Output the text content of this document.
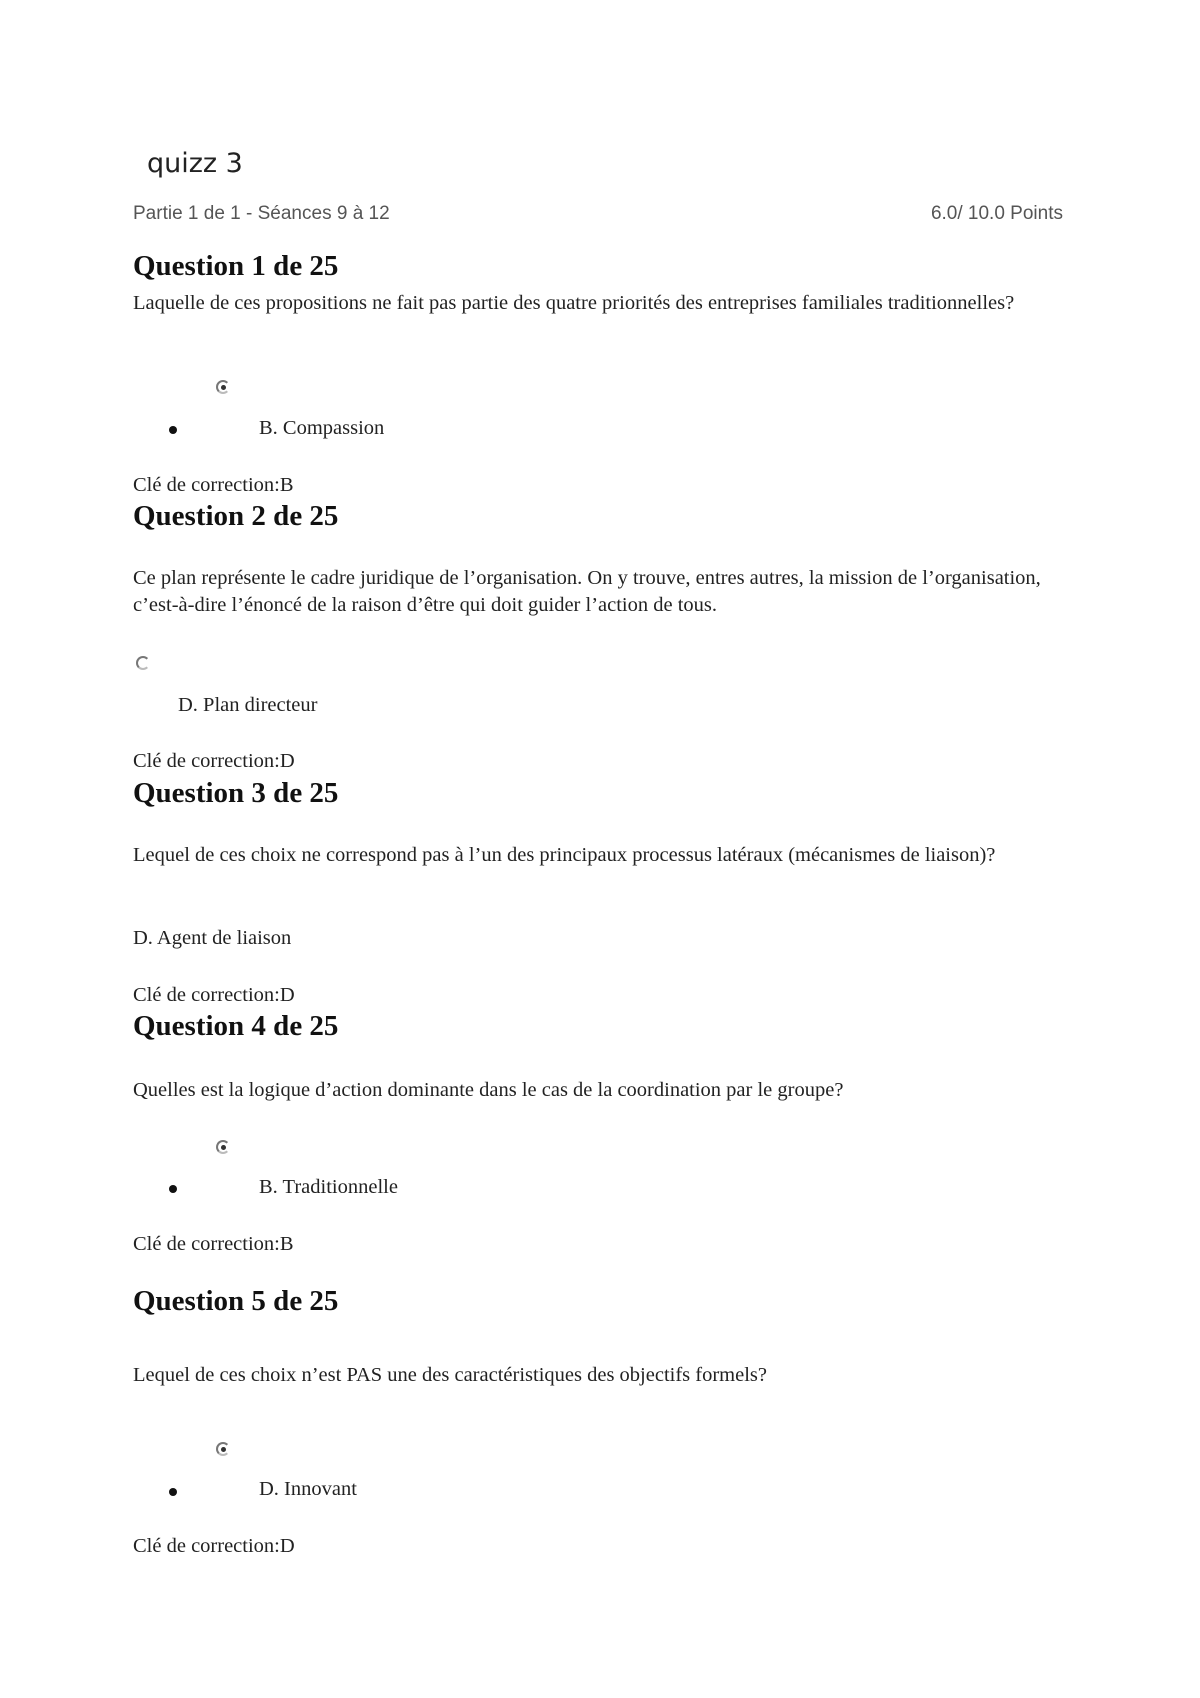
quizz 3
Partie 1 de 1 - Séances 9 à 12	6.0/ 10.0 Points
Question 1 de 25
Laquelle de ces propositions ne fait pas partie des quatre priorités des entreprises familiales traditionnelles?
B. Compassion
Clé de correction:B
Question 2 de 25
Ce plan représente le cadre juridique de l’organisation. On y trouve, entres autres, la mission de l’organisation, c’est-à-dire l’énoncé de la raison d’être qui doit guider l’action de tous.
D. Plan directeur
Clé de correction:D
Question 3 de 25
Lequel de ces choix ne correspond pas à l’un des principaux processus latéraux (mécanismes de liaison)?
D. Agent de liaison
Clé de correction:D
Question 4 de 25
Quelles est la logique d’action dominante dans le cas de la coordination par le groupe?
B. Traditionnelle
Clé de correction:B
Question 5 de 25
Lequel de ces choix n’est PAS une des caractéristiques des objectifs formels?
D. Innovant
Clé de correction:D
